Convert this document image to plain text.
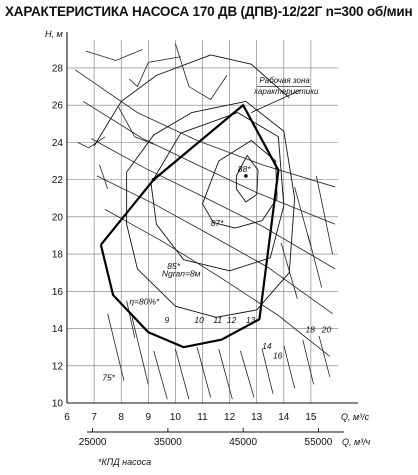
ХАРАКТЕРИСТИКА НАСОСА 170 ДВ (ДПВ)-12/22Г n=300 об/мин
6 7 8 9 10 11 12 13 14 15
10
12
14
16
18
20
22
24
26
28
25000	35000	45000	55000
H, м
Q, м³/с
Q, м³/ч
88*
87*
85*
η=80%*
75*
Рабочая зона
характеристики
Ngran=8м
9	10 11 12 13
14
16
18 20
*КПД насоса
